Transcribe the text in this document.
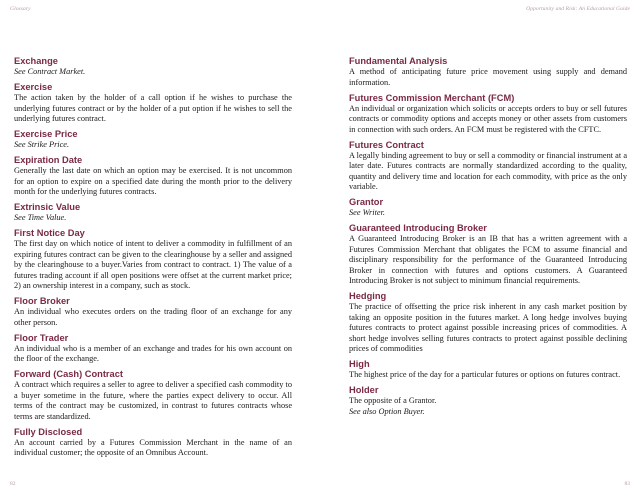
Glossary	Opportunity and Risk: An Educational Guide
Exchange

See Contract Market.

Exercise

The action taken by the holder of a call option if he wishes to purchase the underlying futures contract or by the holder of a put option if he wishes to sell the underlying futures contract.

Exercise Price

See Strike Price.

Expiration Date

Generally the last date on which an option may be exercised. It is not uncommon for an option to expire on a specified date during the month prior to the delivery month for the underlying futures contracts.

Extrinsic Value

See Time Value.

First Notice Day

The first day on which notice of intent to deliver a commodity in fulfillment of an expiring futures contract can be given to the clearinghouse by a seller and assigned by the clearinghouse to a buyer.Varies from contract to contract. 1) The value of a futures trading account if all open positions were offset at the current market price; 2) an ownership interest in a company, such as stock.

Floor Broker

An individual who executes orders on the trading floor of an exchange for any other person.

Floor Trader

An individual who is a member of an exchange and trades for his own account on the floor of the exchange.

Forward (Cash) Contract

A contract which requires a seller to agree to deliver a specified cash commodity to a buyer sometime in the future, where the parties expect delivery to occur. All terms of the contract may be customized, in contrast to futures contracts whose terms are standardized.

Fully Disclosed

An account carried by a Futures Commission Merchant in the name of an individual customer; the opposite of an Omnibus Account.

Fundamental Analysis

A method of anticipating future price movement using supply and demand information.

Futures Commission Merchant (FCM)

An individual or organization which solicits or accepts orders to buy or sell futures contracts or commodity options and accepts money or other assets from customers in connection with such orders. An FCM must be registered with the CFTC.

Futures Contract

A legally binding agreement to buy or sell a commodity or financial instrument at a later date. Futures contracts are normally standardized according to the quality, quantity and delivery time and location for each commodity, with price as the only variable.

Grantor

See Writer.

Guaranteed Introducing Broker

A Guaranteed Introducing Broker is an IB that has a written agreement with a Futures Commission Merchant that obligates the FCM to assume financial and disciplinary responsibility for the performance of the Guaranteed Introducing Broker in connection with futures and options customers. A Guaranteed Introducing Broker is not subject to minimum financial requirements.

Hedging

The practice of offsetting the price risk inherent in any cash market position by taking an opposite position in the futures market. A long hedge involves buying futures contracts to protect against possible increasing prices of commodities. A short hedge involves selling futures contracts to protect against possible declining prices of commodities

High

The highest price of the day for a particular futures or options on futures contract.

Holder

The opposite of a Grantor.

See also Option Buyer.

82	83
